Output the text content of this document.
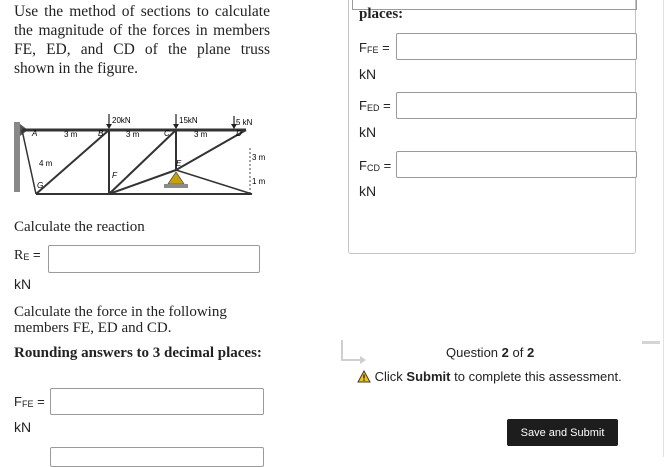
Use the method of sections to calculate the magnitude of the forces in members FE, ED, and CD of the plane truss shown in the figure.
20kN	15kN	5 kN
3 m	3 m	3 m
4 m
3 m
1 m
A	B	C	D
E
F
G
Calculate the reaction
RE =
kN
Calculate the force in the following members FE, ED and CD.
Rounding answers to 3 decimal places:
FFE =
kN
places:
FFE =
kN
FED =
kN
FCD =
kN
Question 2 of 2
Click Submit to complete this assessment.
Save and Submit
